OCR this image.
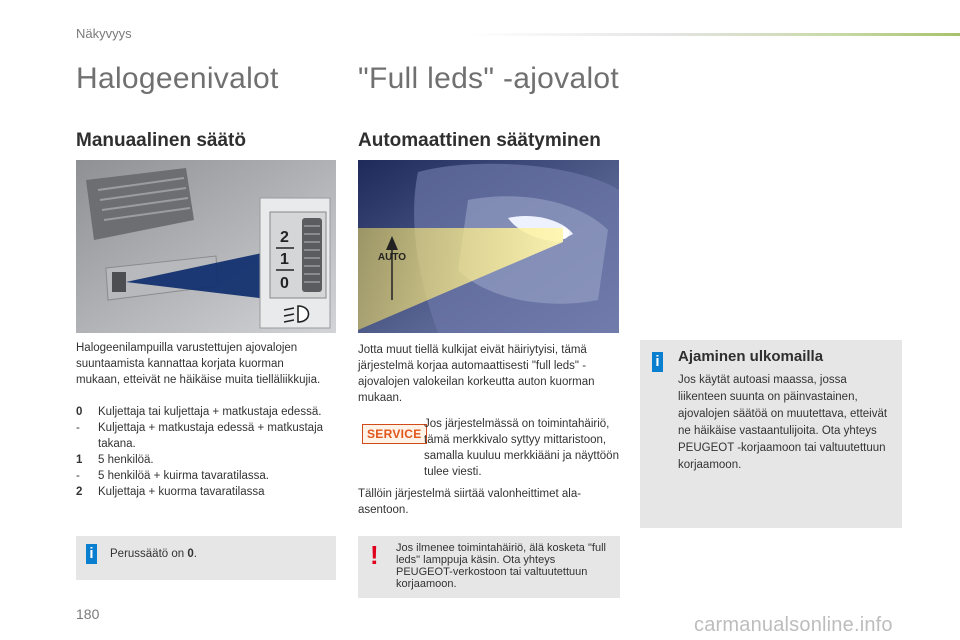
Näkyvyys
Halogeenivalot	"Full leds" -ajovalot
Manuaalinen säätö	Automaattinen säätyminen
2
1
0
AUTO
Halogeenilampuilla varustettujen ajovalojen suuntaamista kannattaa korjata kuorman mukaan, etteivät ne häikäise muita tielläliikkujia.
0	Kuljettaja tai kuljettaja + matkustaja edessä.
-	Kuljettaja + matkustaja edessä + matkustaja takana.
1	5 henkilöä.
-	5 henkilöä + kuirma tavaratilassa.
2	Kuljettaja + kuorma tavaratilassa
i Perussäätö on 0.
Jotta muut tiellä kulkijat eivät häiriytyisi, tämä järjestelmä korjaa automaattisesti "full leds" -ajovalojen valokeilan korkeutta auton kuorman mukaan.
SERVICE
Jos järjestelmässä on toimintahäiriö, tämä merkkivalo syttyy mittaristoon, samalla kuuluu merkkiääni ja näyttöön tulee viesti.
Tällöin järjestelmä siirtää valonheittimet ala-asentoon.
! Jos ilmenee toimintahäiriö, älä kosketa "full leds" lamppuja käsin. Ota yhteys PEUGEOT-verkostoon tai valtuutettuun korjaamoon.
i Ajaminen ulkomailla
Jos käytät autoasi maassa, jossa liikenteen suunta on päinvastainen, ajovalojen säätöä on muutettava, etteivät ne häikäise vastaantulijoita. Ota yhteys PEUGEOT -korjaamoon tai valtuutettuun korjaamoon.
180	carmanualsonline.info
